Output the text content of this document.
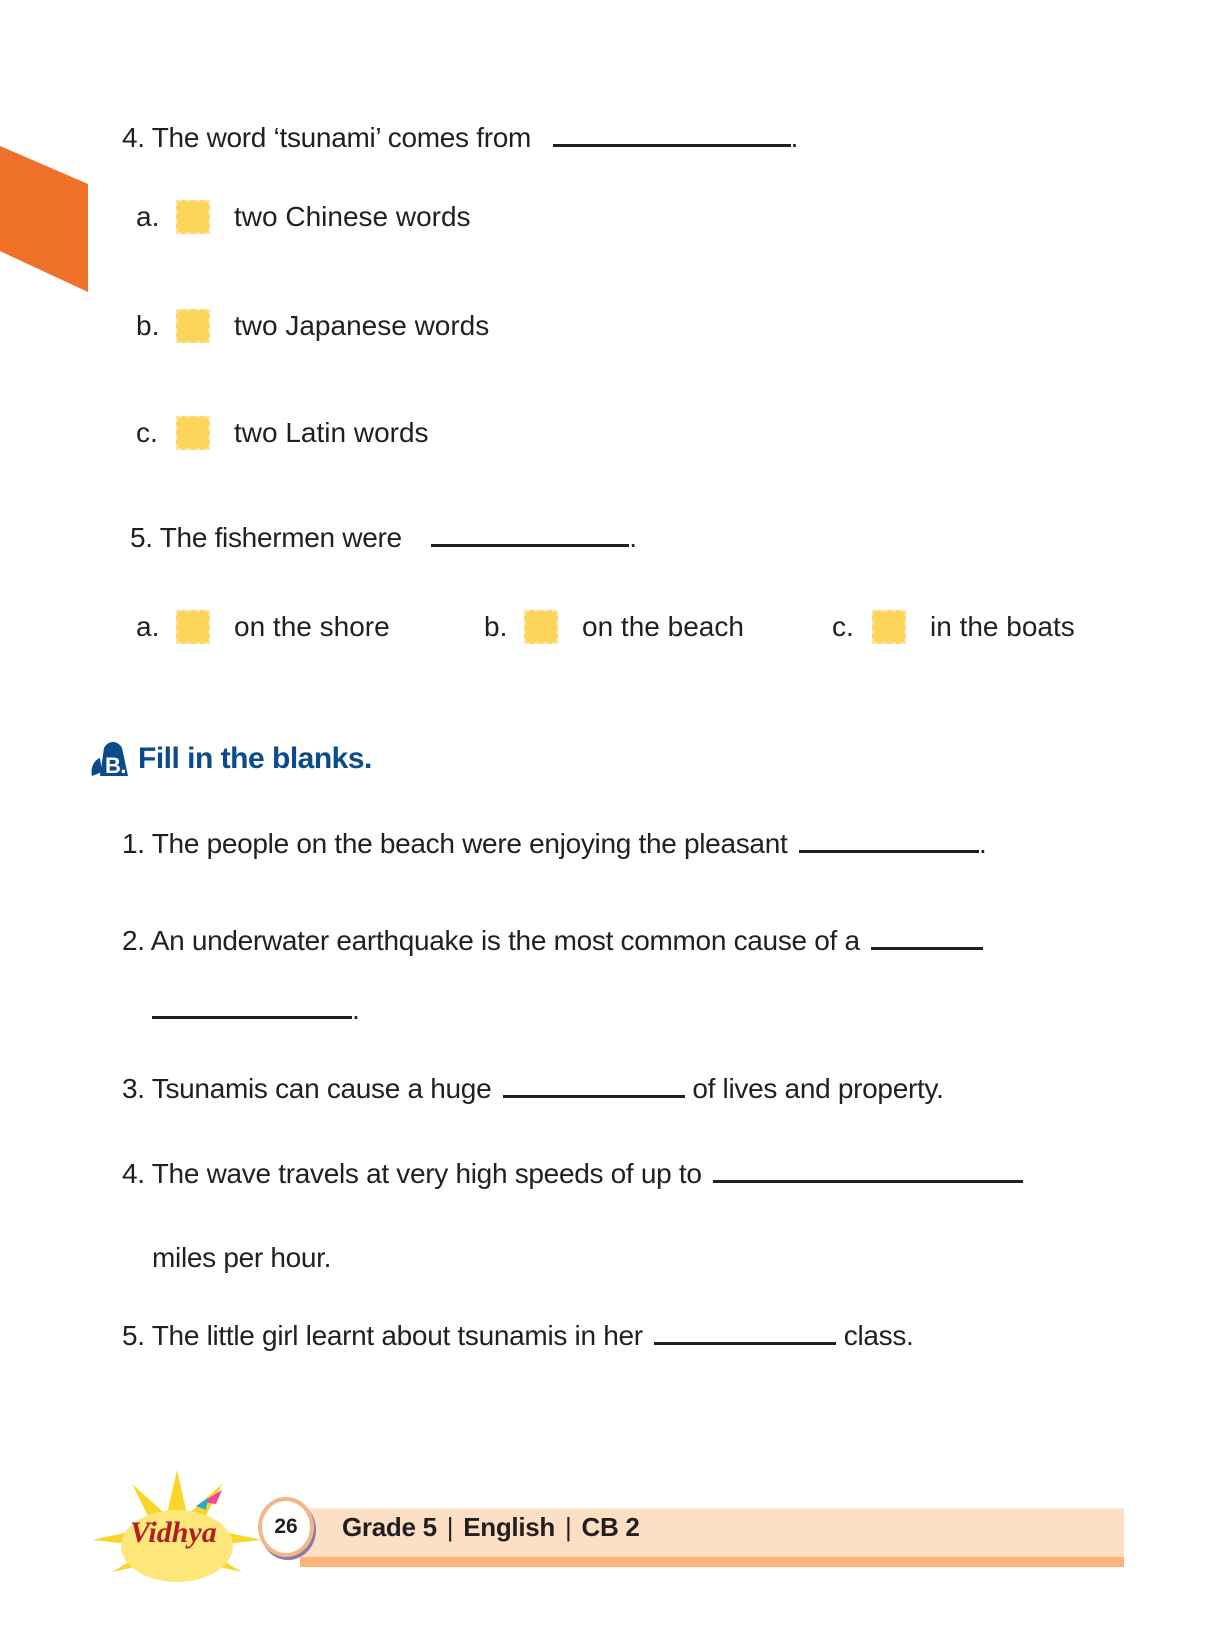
4. The word ‘tsunami’ comes from	.
a.	two Chinese words
b.	two Japanese words
c.	two Latin words
5. The fishermen were	.
a.	on the shore	b.	on the beach	c.	in the boats
B. Fill in the blanks.
1. The people on the beach were enjoying the pleasant	.
2. An underwater earthquake is the most common cause of a
.
3. Tsunamis can cause a huge	of lives and property.
4. The wave travels at very high speeds of up to
miles per hour.
5. The little girl learnt about tsunamis in her	class.
Vidhya	26	Grade 5 | English | CB 2
